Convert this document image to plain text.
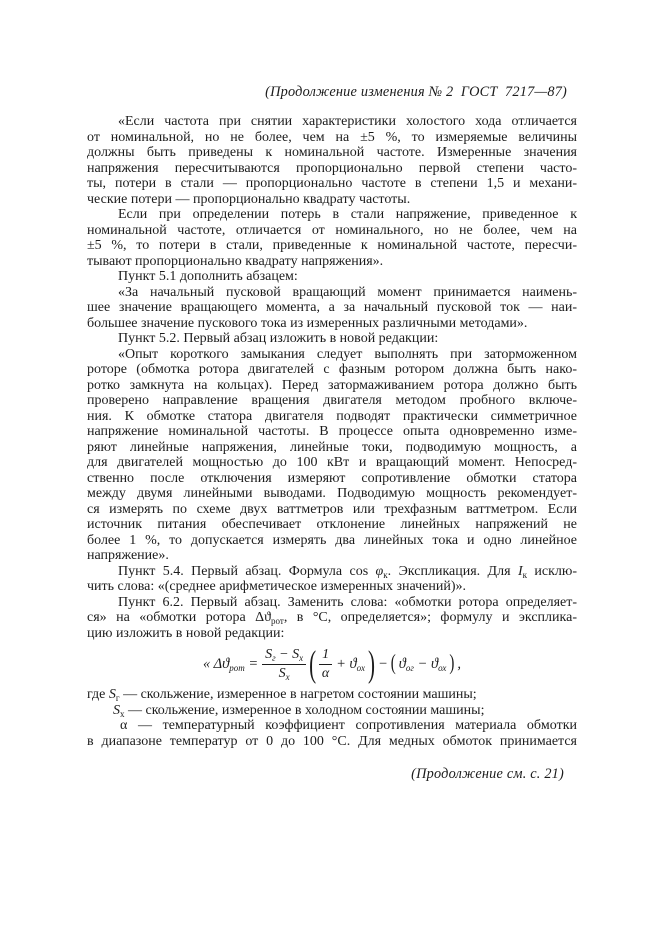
(Продолжение изменения № 2  ГОСТ  7217—87)
«Если частота при снятии характеристики холостого хода отличается
от номинальной, но не более, чем на ±5 %, то измеряемые величины
должны быть приведены к номинальной частоте. Измеренные значения
напряжения пересчитываются пропорционально первой степени часто-
ты, потери в стали — пропорционально частоте в степени 1,5 и механи-
ческие потери — пропорционально квадрату частоты.
Если при определении потерь в стали напряжение, приведенное к
номинальной частоте, отличается от номинального, но не более, чем на
±5 %, то потери в стали, приведенные к номинальной частоте, пересчи-
тывают пропорционально квадрату напряжения».
Пункт 5.1 дополнить абзацем:
«За начальный пусковой вращающий момент принимается наимень-
шее значение вращающего момента, а за начальный пусковой ток — наи-
большее значение пускового тока из измеренных различными методами».
Пункт 5.2. Первый абзац изложить в новой редакции:
«Опыт короткого замыкания следует выполнять при заторможенном
роторе (обмотка ротора двигателей с фазным ротором должна быть нако-
ротко замкнута на кольцах). Перед затормаживанием ротора должно быть
проверено направление вращения двигателя методом пробного включе-
ния. К обмотке статора двигателя подводят практически симметричное
напряжение номинальной частоты. В процессе опыта одновременно изме-
ряют линейные напряжения, линейные токи, подводимую мощность, а
для двигателей мощностью до 100 кВт и вращающий момент. Непосред-
ственно после отключения измеряют сопротивление обмотки статора
между двумя линейными выводами. Подводимую мощность рекомендует-
ся измерять по схеме двух ваттметров или трехфазным ваттметром. Если
источник питания обеспечивает отклонение линейных напряжений не
более 1 %, то допускается измерять два линейных тока и одно линейное
напряжение».
Пункт 5.4. Первый абзац. Формула $\cos \varphi_к$. Экспликация. Для $I_к$ исклю-
чить слова: «(среднее арифметическое измеренных значений)».
Пункт 6.2. Первый абзац. Заменить слова: «обмотки ротора определяет-
ся» на «обмотки ротора $\Delta ϑ_{рот}$, в °С, определяется»; формулу и эксплика-
цию изложить в новой редакции:
« $\Delta ϑ_{рот} = \frac{S_г - S_х}{S_х}$ ( $\frac{1}{\alpha} + ϑ_{ох}$ ) − ( $ϑ_{ог} - ϑ_{ох}$ ) ,
где $S_г$ — скольжение, измеренное в нагретом состоянии машины;
$S_х$ — скольжение, измеренное в холодном состоянии машины;
α — температурный коэффициент сопротивления материала обмотки
в диапазоне температур от 0 до 100 °С. Для медных обмоток принимается
(Продолжение см. с. 21)
